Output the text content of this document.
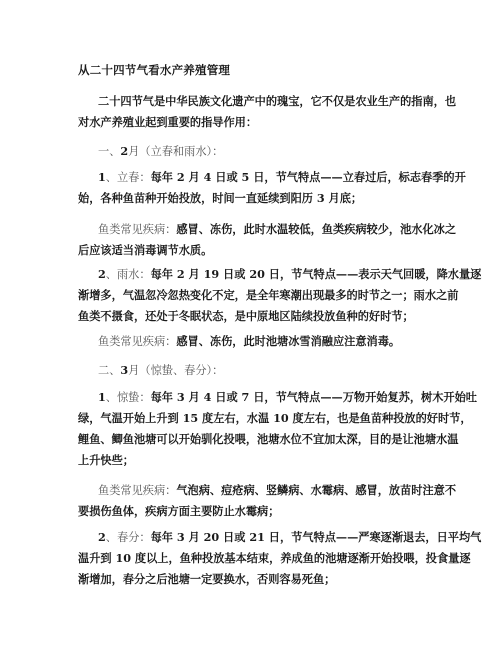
从二十四节气看水产养殖管理
二十四节气是中华民族文化遗产中的瑰宝，它不仅是农业生产的指南，也
对水产养殖业起到重要的指导作用：
一、2月（立春和雨水）：
1、立春：每年 2 月 4 日或 5 日，节气特点——立春过后，标志春季的开
始，各种鱼苗种开始投放，时间一直延续到阳历 3 月底；
鱼类常见疾病：感冒、冻伤，此时水温较低，鱼类疾病较少，池水化冰之
后应该适当消毒调节水质。
2、雨水：每年 2 月 19 日或 20 日，节气特点——表示天气回暖，降水量逐
渐增多，气温忽冷忽热变化不定，是全年寒潮出现最多的时节之一；雨水之前
鱼类不摄食，还处于冬眠状态，是中原地区陆续投放鱼种的好时节；
鱼类常见疾病：感冒、冻伤，此时池塘冰雪消融应注意消毒。
二、3月（惊蛰、春分）：
1、惊蛰：每年 3 月 4 日或 7 日，节气特点——万物开始复苏，树木开始吐
绿，气温开始上升到 15 度左右，水温 10 度左右，也是鱼苗种投放的好时节，
鲤鱼、鲫鱼池塘可以开始驯化投喂，池塘水位不宜加太深，目的是让池塘水温
上升快些；
鱼类常见疾病：气泡病、痘疮病、竖鳞病、水霉病、感冒，放苗时注意不
要损伤鱼体，疾病方面主要防止水霉病；
2、春分：每年 3 月 20 日或 21 日，节气特点——严寒逐渐退去，日平均气
温升到 10 度以上，鱼种投放基本结束，养成鱼的池塘逐渐开始投喂，投食量逐
渐增加，春分之后池塘一定要换水，否则容易死鱼；
